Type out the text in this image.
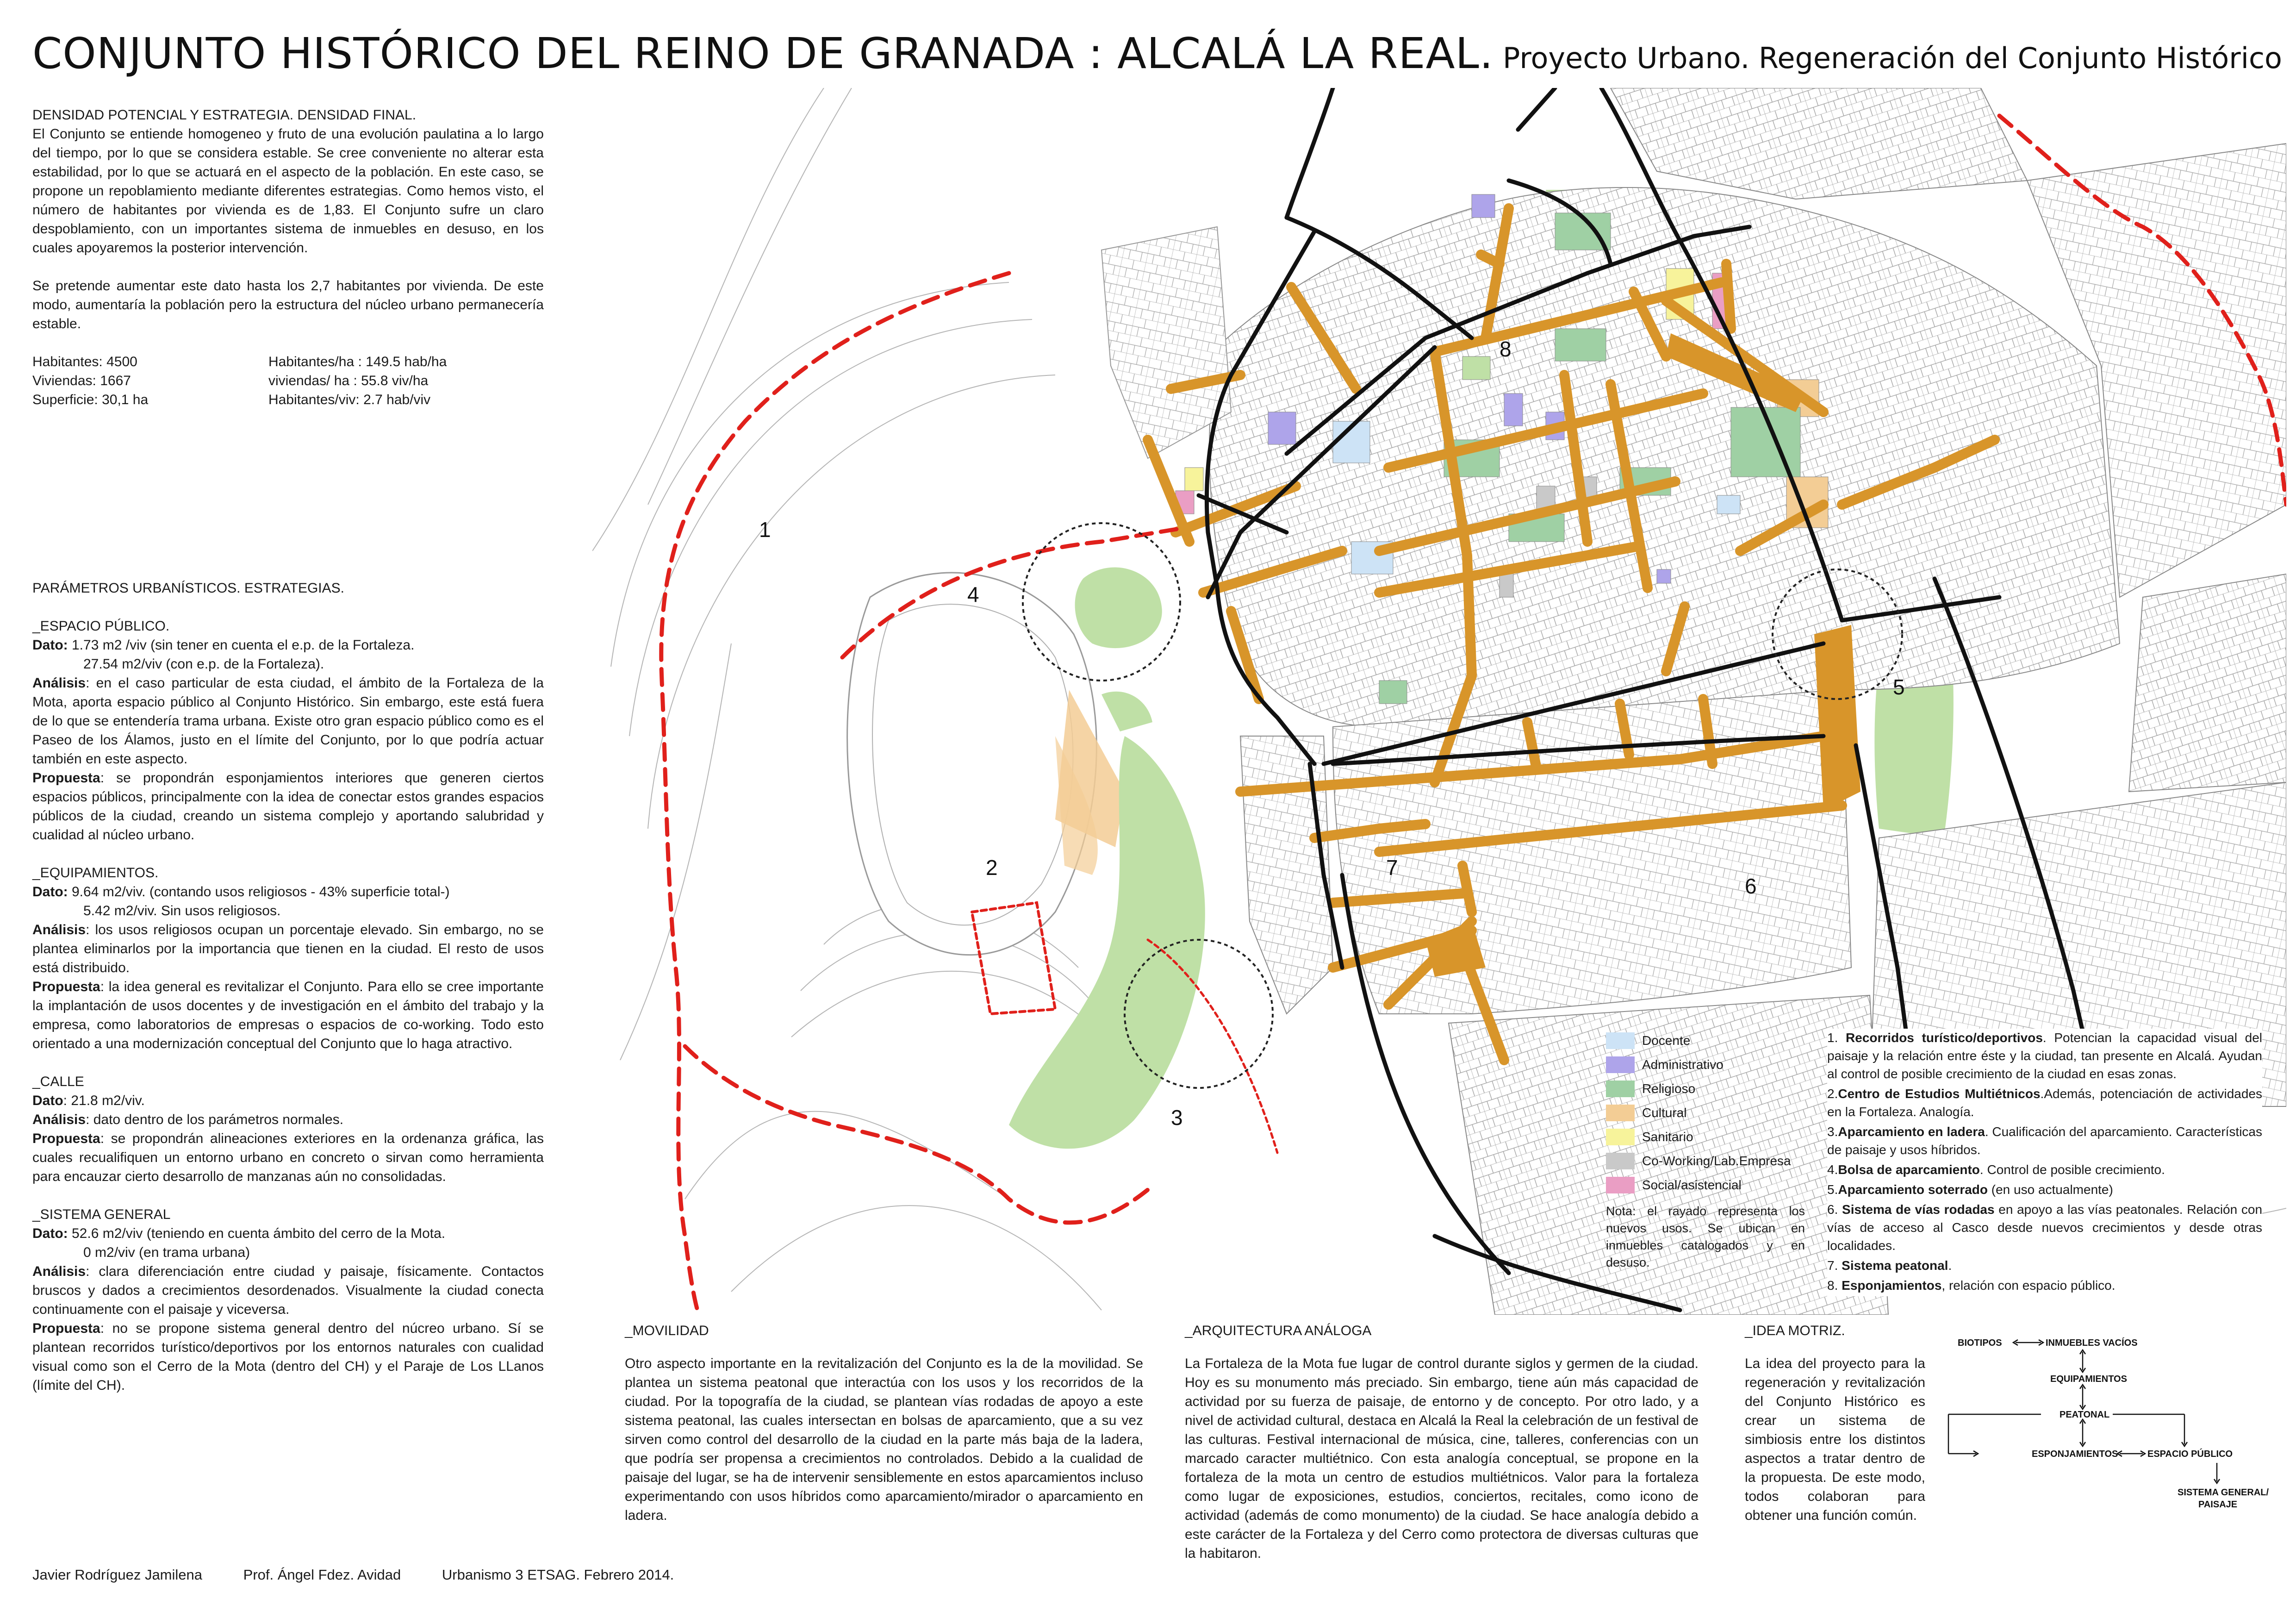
CONJUNTO HISTÓRICO DEL REINO DE GRANADA : ALCALÁ LA REAL. Proyecto Urbano. Regeneración del Conjunto Histórico

DENSIDAD POTENCIAL Y ESTRATEGIA. DENSIDAD FINAL.

El Conjunto se entiende homogeneo y fruto de una evolución paulatina a lo largo del tiempo, por lo que se considera estable. Se cree conveniente no alterar esta estabilidad, por lo que se actuará en el aspecto de la población. En este caso, se propone un repoblamiento mediante diferentes estrategias. Como hemos visto, el número de habitantes por vivienda es de 1,83. El Conjunto sufre un claro despoblamiento, con un importantes sistema de inmuebles en desuso, en los cuales apoyaremos la posterior intervención.

Se pretende aumentar este dato hasta los 2,7 habitantes por vivienda. De este modo, aumentaría la población pero la estructura del núcleo urbano permanecería estable.

Habitantes: 4500	Habitantes/ha : 149.5 hab/ha
Viviendas: 1667	viviendas/ ha : 55.8 viv/ha
Superficie: 30,1 ha	Habitantes/viv: 2.7 hab/viv

PARÁMETROS URBANÍSTICOS. ESTRATEGIAS.

_ESPACIO PÚBLICO.

Dato: 1.73 m2 /viv (sin tener en cuenta el e.p. de la Fortaleza.

27.54 m2/viv (con e.p. de la Fortaleza).

Análisis: en el caso particular de esta ciudad, el ámbito de la Fortaleza de la Mota, aporta espacio público al Conjunto Histórico. Sin embargo, este está fuera de lo que se entendería trama urbana. Existe otro gran espacio público como es el Paseo de los Álamos, justo en el límite del Conjunto, por lo que podría actuar también en este aspecto.

Propuesta: se propondrán esponjamientos interiores que generen ciertos espacios públicos, principalmente con la idea de conectar estos grandes espacios públicos de la ciudad, creando un sistema complejo y aportando salubridad y cualidad al núcleo urbano.

_EQUIPAMIENTOS.

Dato: 9.64 m2/viv. (contando usos religiosos - 43% superficie total-)

5.42 m2/viv. Sin usos religiosos.

Análisis: los usos religiosos ocupan un porcentaje elevado. Sin embargo, no se plantea eliminarlos por la importancia que tienen en la ciudad. El resto de usos está distribuido.

Propuesta: la idea general es revitalizar el Conjunto. Para ello se cree importante la implantación de usos docentes y de investigación en el ámbito del trabajo y la empresa, como laboratorios de empresas o espacios de co-working. Todo esto orientado a una modernización conceptual del Conjunto que lo haga atractivo.

_CALLE

Dato: 21.8 m2/viv.

Análisis: dato dentro de los parámetros normales.

Propuesta: se propondrán alineaciones exteriores en la ordenanza gráfica, las cuales recualifiquen un entorno urbano en concreto o sirvan como herramienta para encauzar cierto desarrollo de manzanas aún no consolidadas.

_SISTEMA GENERAL

Dato: 52.6 m2/viv (teniendo en cuenta ámbito del cerro de la Mota.

0 m2/viv (en trama urbana)

Análisis: clara diferenciación entre ciudad y paisaje, físicamente. Contactos bruscos y dados a crecimientos desordenados. Visualmente la ciudad conecta continuamente con el paisaje y viceversa.

Propuesta: no se propone sistema general dentro del núcreo urbano. Sí se plantean recorridos turístico/deportivos por los entornos naturales con cualidad visual como son el Cerro de la Mota (dentro del CH) y el Paraje de Los LLanos (límite del CH).

1
2
3
4
5
6
7
8
Docente
Administrativo
Religioso
Cultural
Sanitario
Co-Working/Lab.Empresa
Social/asistencial
Nota: el rayado representa los nuevos usos. Se ubican en inmuebles catalogados y en desuso.

1. Recorridos turístico/deportivos. Potencian la capacidad visual del paisaje y la relación entre éste y la ciudad, tan presente en Alcalá. Ayudan al control de posible crecimiento de la ciudad en esas zonas.

2.Centro de Estudios Multiétnicos.Además, potenciación de actividades en la Fortaleza. Analogía.

3.Aparcamiento en ladera. Cualificación del aparcamiento. Características de paisaje y usos híbridos.

4.Bolsa de aparcamiento. Control de posible crecimiento.

5.Aparcamiento soterrado (en uso actualmente)

6. Sistema de vías rodadas en apoyo a las vías peatonales. Relación con vías de acceso al Casco desde nuevos crecimientos y desde otras localidades.

7. Sistema peatonal.

8. Esponjamientos, relación con espacio público.

_MOVILIDAD

Otro aspecto importante en la revitalización del Conjunto es la de la movilidad. Se plantea un sistema peatonal que interactúa con los usos y los recorridos de la ciudad. Por la topografía de la ciudad, se plantean vías rodadas de apoyo a este sistema peatonal, las cuales intersectan en bolsas de aparcamiento, que a su vez sirven como control del desarrollo de la ciudad en la parte más baja de la ladera, que podría ser propensa a crecimientos no controlados. Debido a la cualidad de paisaje del lugar, se ha de intervenir sensiblemente en estos aparcamientos incluso experimentando con usos híbridos como aparcamiento/mirador o aparcamiento en ladera.

_ARQUITECTURA ANÁLOGA

La Fortaleza de la Mota fue lugar de control durante siglos y germen de la ciudad. Hoy es su monumento más preciado. Sin embargo, tiene aún más capacidad de actividad por su fuerza de paisaje, de entorno y de concepto. Por otro lado, y a nivel de actividad cultural, destaca en Alcalá la Real la celebración de un festival de las culturas. Festival internacional de música, cine, talleres, conferencias con un marcado caracter multiétnico. Con esta analogía conceptual, se propone en la fortaleza de la mota un centro de estudios multiétnicos. Valor para la fortaleza como lugar de exposiciones, estudios, conciertos, recitales, como icono de actividad (además de como monumento) de la ciudad. Se hace analogía debido a este carácter de la Fortaleza y del Cerro como protectora de diversas culturas que la habitaron.

_IDEA MOTRIZ.

La idea del proyecto para la regeneración y revitalización del Conjunto Histórico es crear un sistema de simbiosis entre los distintos aspectos a tratar dentro de la propuesta. De este modo, todos colaboran para obtener una función común.

BIOTIPOS	INMUEBLES VACÍOS
EQUIPAMIENTOS
PEATONAL
ESPONJAMIENTOS	ESPACIO PÚBLICO
SISTEMA GENERAL/
PAISAJE
Javier Rodríguez Jamilena	Prof. Ángel Fdez. Avidad	Urbanismo 3 ETSAG. Febrero 2014.
